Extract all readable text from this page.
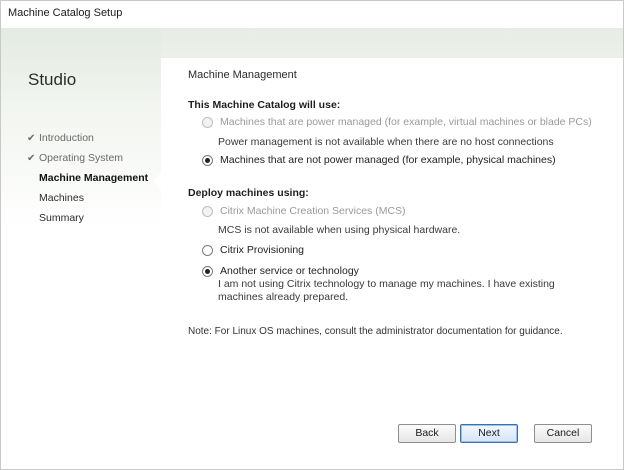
Machine Catalog Setup
Studio
✔ Introduction
✔ Operating System
Machine Management
Machines
Summary
Machine Management
This Machine Catalog will use:
Machines that are power managed (for example, virtual machines or blade PCs)
Power management is not available when there are no host connections
Machines that are not power managed (for example, physical machines)
Deploy machines using:
Citrix Machine Creation Services (MCS)
MCS is not available when using physical hardware.
Citrix Provisioning
Another service or technology
I am not using Citrix technology to manage my machines. I have existing machines already prepared.
Note: For Linux OS machines, consult the administrator documentation for guidance.
Back	Next	Cancel
